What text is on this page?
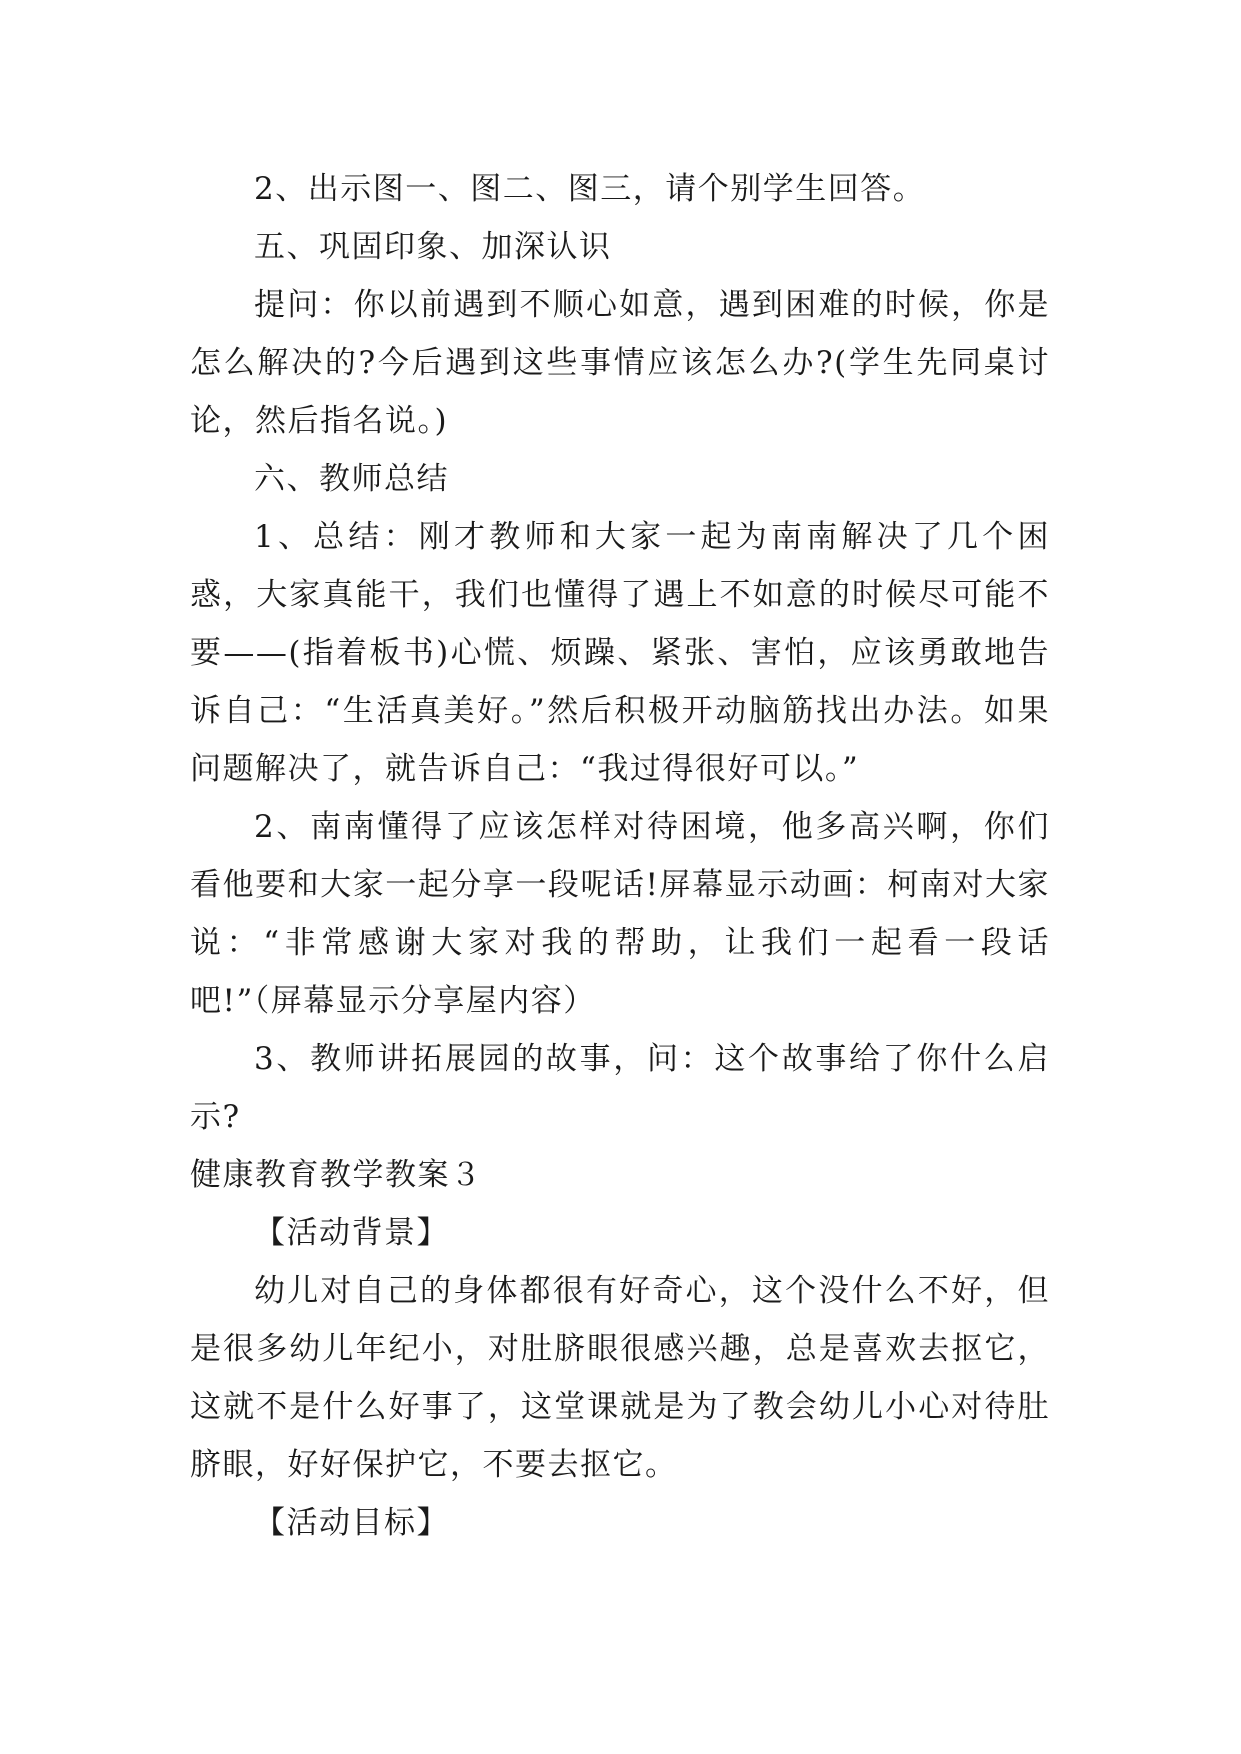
2、出示图一、图二、图三，请个别学生回答。

五、巩固印象、加深认识

提问：你以前遇到不顺心如意，遇到困难的时候，你是怎么解决的?今后遇到这些事情应该怎么办?(学生先同桌讨论，然后指名说。)

六、教师总结

1、总结：刚才教师和大家一起为南南解决了几个困惑，大家真能干，我们也懂得了遇上不如意的时候尽可能不要——(指着板书)心慌、烦躁、紧张、害怕，应该勇敢地告诉自己：“生活真美好。”然后积极开动脑筋找出办法。如果问题解决了，就告诉自己：“我过得很好可以。”

2、南南懂得了应该怎样对待困境，他多高兴啊，你们看他要和大家一起分享一段呢话!屏幕显示动画：柯南对大家说：“非常感谢大家对我的帮助，让我们一起看一段话吧!”（屏幕显示分享屋内容）

3、教师讲拓展园的故事，问：这个故事给了你什么启示?

健康教育教学教案３

【活动背景】

幼儿对自己的身体都很有好奇心，这个没什么不好，但是很多幼儿年纪小，对肚脐眼很感兴趣，总是喜欢去抠它，这就不是什么好事了，这堂课就是为了教会幼儿小心对待肚脐眼，好好保护它，不要去抠它。

【活动目标】
